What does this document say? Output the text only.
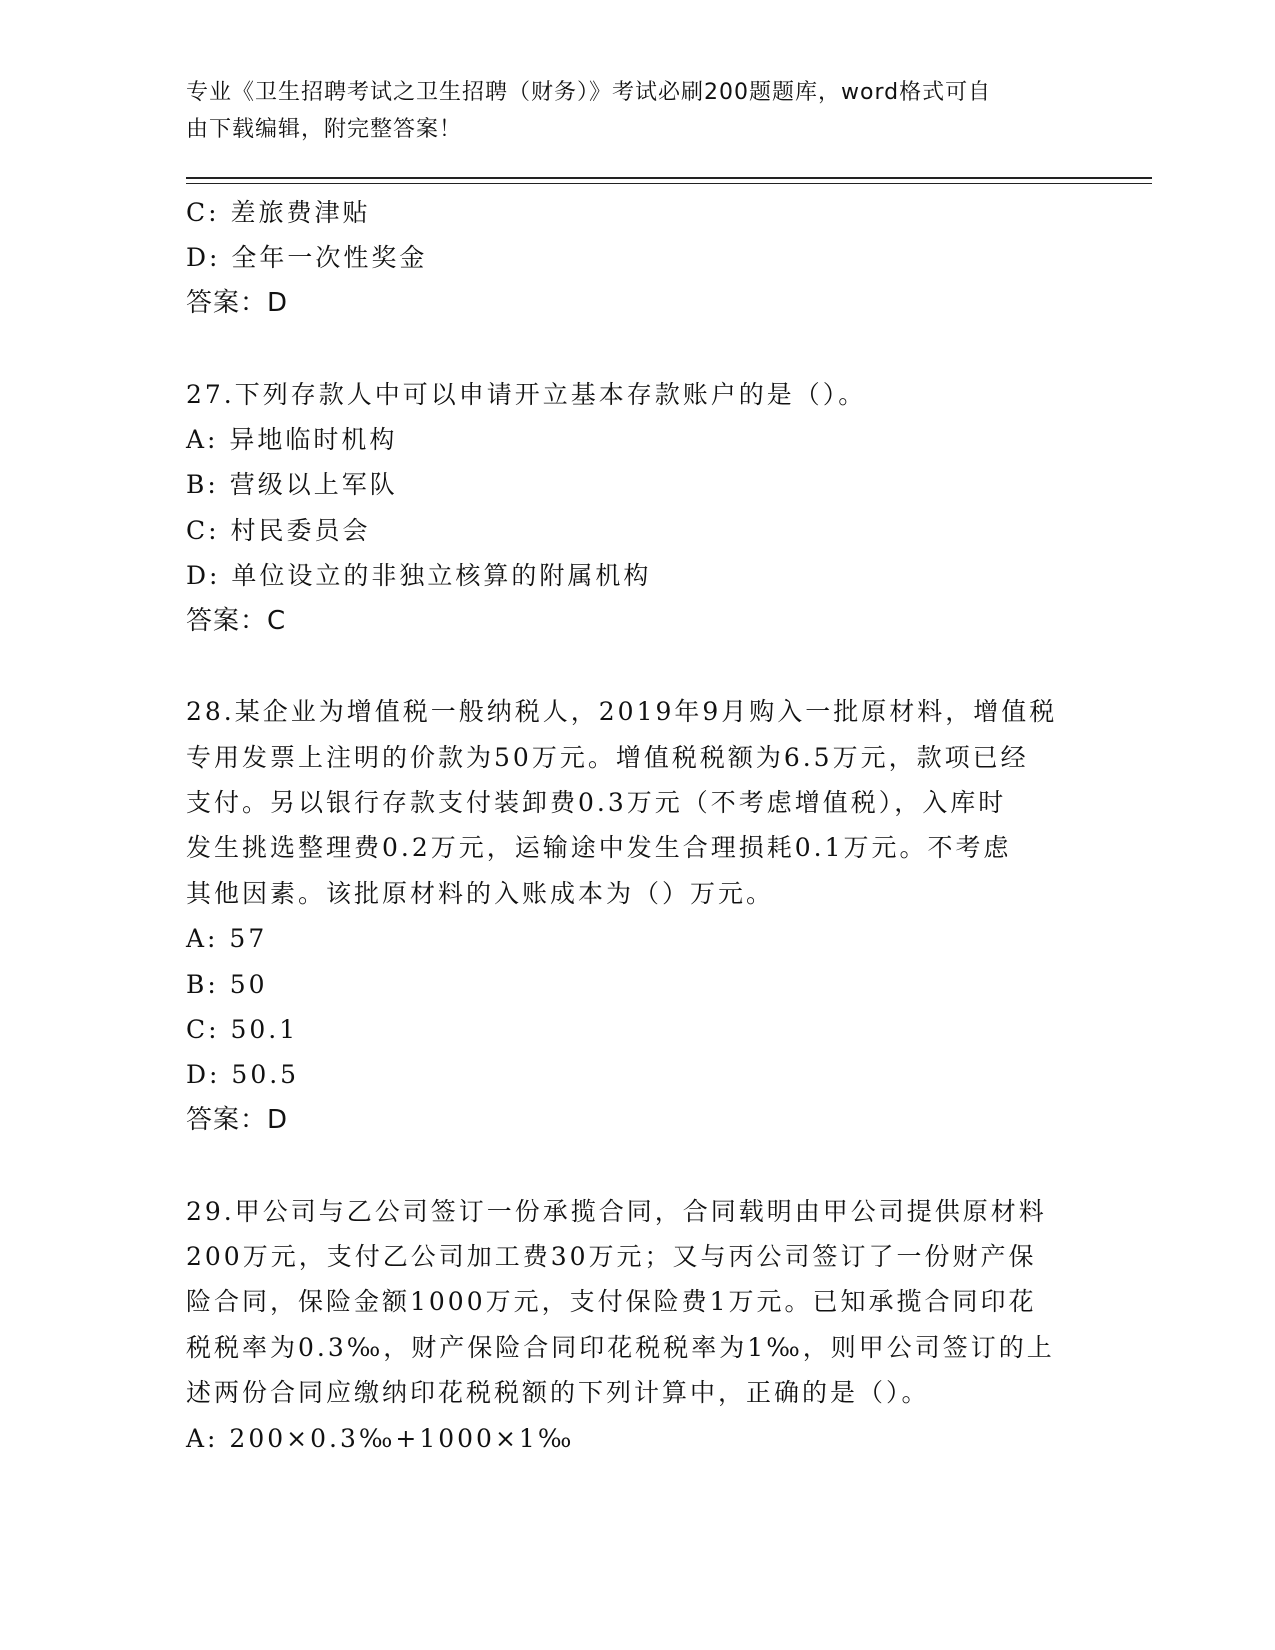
专业《卫生招聘考试之卫生招聘（财务）》考试必刷200题题库，word格式可自
由下载编辑，附完整答案！
C: 差旅费津贴
D: 全年一次性奖金
答案：D
27.下列存款人中可以申请开立基本存款账户的是（）。
A: 异地临时机构
B: 营级以上军队
C: 村民委员会
D: 单位设立的非独立核算的附属机构
答案：C
28.某企业为增值税一般纳税人，2019年9月购入一批原材料，增值税
专用发票上注明的价款为50万元。增值税税额为6.5万元，款项已经
支付。另以银行存款支付装卸费0.3万元（不考虑增值税），入库时
发生挑选整理费0.2万元，运输途中发生合理损耗0.1万元。不考虑
其他因素。该批原材料的入账成本为（）万元。
A: 57
B: 50
C: 50.1
D: 50.5
答案：D
29.甲公司与乙公司签订一份承揽合同，合同载明由甲公司提供原材料
200万元，支付乙公司加工费30万元；又与丙公司签订了一份财产保
险合同，保险金额1000万元，支付保险费1万元。已知承揽合同印花
税税率为0.3‰，财产保险合同印花税税率为1‰，则甲公司签订的上
述两份合同应缴纳印花税税额的下列计算中，正确的是（）。
A: 200×0.3‰+1000×1‰
